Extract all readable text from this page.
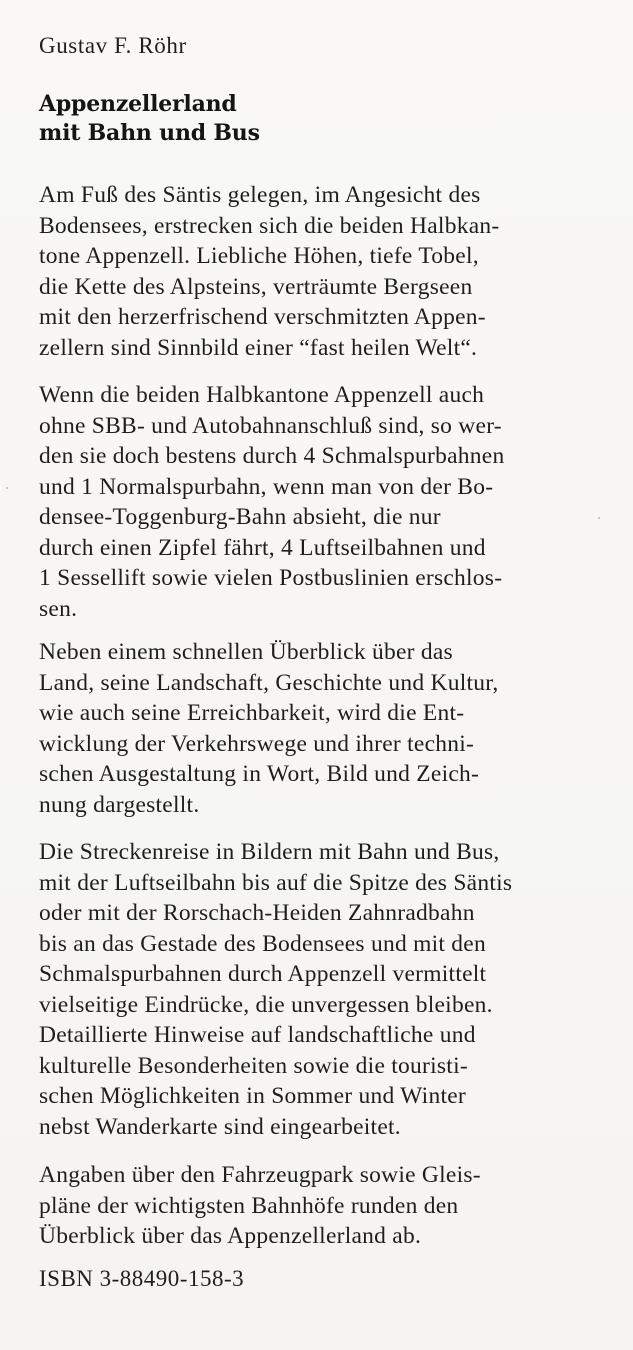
Gustav F. Röhr
Appenzellerland
mit Bahn und Bus
Am Fuß des Säntis gelegen, im Angesicht des
Bodensees, erstrecken sich die beiden Halbkan-
tone Appenzell. Liebliche Höhen, tiefe Tobel,
die Kette des Alpsteins, verträumte Bergseen
mit den herzerfrischend verschmitzten Appen-
zellern sind Sinnbild einer “fast heilen Welt“.
Wenn die beiden Halbkantone Appenzell auch
ohne SBB- und Autobahnanschluß sind, so wer-
den sie doch bestens durch 4 Schmalspurbahnen
und 1 Normalspurbahn, wenn man von der Bo-
densee-Toggenburg-Bahn absieht, die nur
durch einen Zipfel fährt, 4 Luftseilbahnen und
1 Sessellift sowie vielen Postbuslinien erschlos-
sen.
Neben einem schnellen Überblick über das
Land, seine Landschaft, Geschichte und Kultur,
wie auch seine Erreichbarkeit, wird die Ent-
wicklung der Verkehrswege und ihrer techni-
schen Ausgestaltung in Wort, Bild und Zeich-
nung dargestellt.
Die Streckenreise in Bildern mit Bahn und Bus,
mit der Luftseilbahn bis auf die Spitze des Säntis
oder mit der Rorschach-Heiden Zahnradbahn
bis an das Gestade des Bodensees und mit den
Schmalspurbahnen durch Appenzell vermittelt
vielseitige Eindrücke, die unvergessen bleiben.
Detaillierte Hinweise auf landschaftliche und
kulturelle Besonderheiten sowie die touristi-
schen Möglichkeiten in Sommer und Winter
nebst Wanderkarte sind eingearbeitet.
Angaben über den Fahrzeugpark sowie Gleis-
pläne der wichtigsten Bahnhöfe runden den
Überblick über das Appenzellerland ab.
ISBN 3-88490-158-3
